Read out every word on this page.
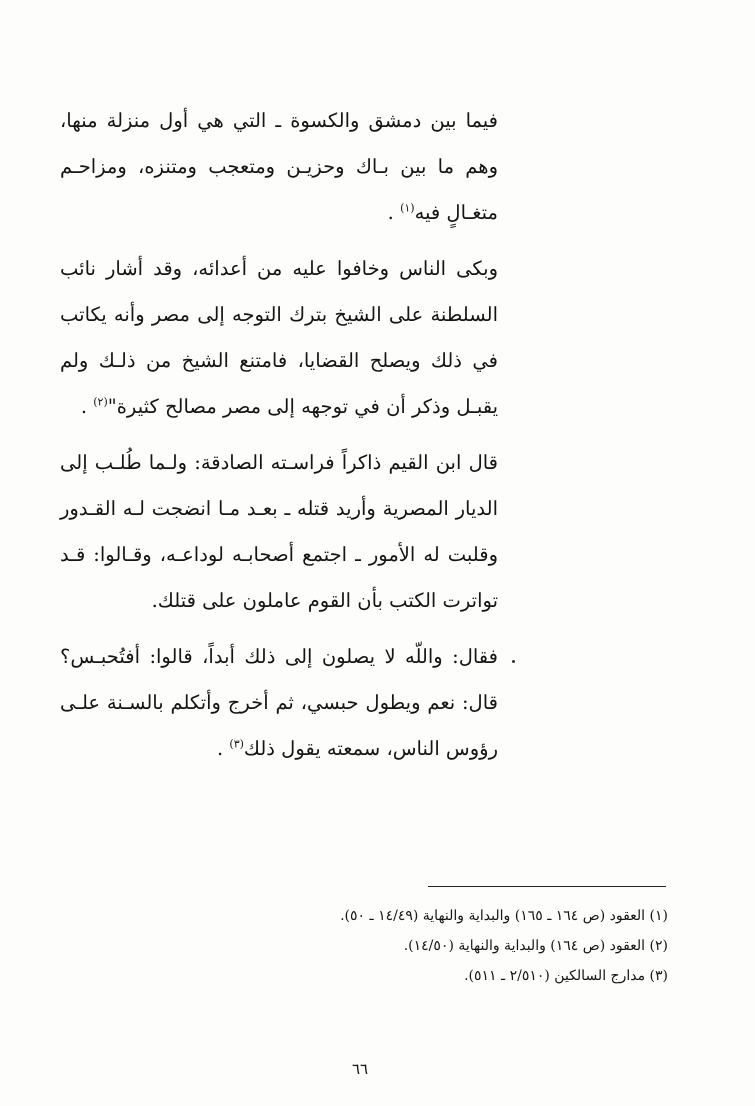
فيما بين دمشق والكسوة ـ التي هي أول منزلة منها، وهم ما بين بـاك وحزيـن ومتعجب ومتنزه، ومزاحـم متغـالٍ فيه$^{(١)}$ .

وبكى الناس وخافوا عليه من أعدائه، وقد أشار نائب السلطنة على الشيخ بترك التوجه إلى مصر وأنه يكاتب في ذلك ويصلح القضايا، فامتنع الشيخ من ذلـك ولم يقبـل وذكر أن في توجهه إلى مصر مصالح كثيرة"$^{(٢)}$ .

قال ابن القيم ذاكراً فراسـته الصادقة: ولـما طُلـب إلى الديار المصرية وأريد قتله ـ بعـد مـا انضجت لـه القـدور وقلبت له الأمور ـ اجتمع أصحابـه لوداعـه، وقـالوا: قـد تواترت الكتب بأن القوم عاملون على قتلك.

فقال: واللّه لا يصلون إلى ذلك أبداً، قالوا: أفتُحبـس؟ قال: نعم ويطول حبسي، ثم أخرج وأتكلم بالسـنة علـى رؤوس الناس، سمعته يقول ذلك$^{(٣)}$ .

(١) العقود (ص ١٦٤ ـ ١٦٥) والبداية والنهاية (١٤/٤٩ ـ ٥٠).

(٢) العقود (ص ١٦٤) والبداية والنهاية (١٤/٥٠).

(٣) مدارج السالكين (٢/٥١٠ ـ ٥١١).

٦٦
